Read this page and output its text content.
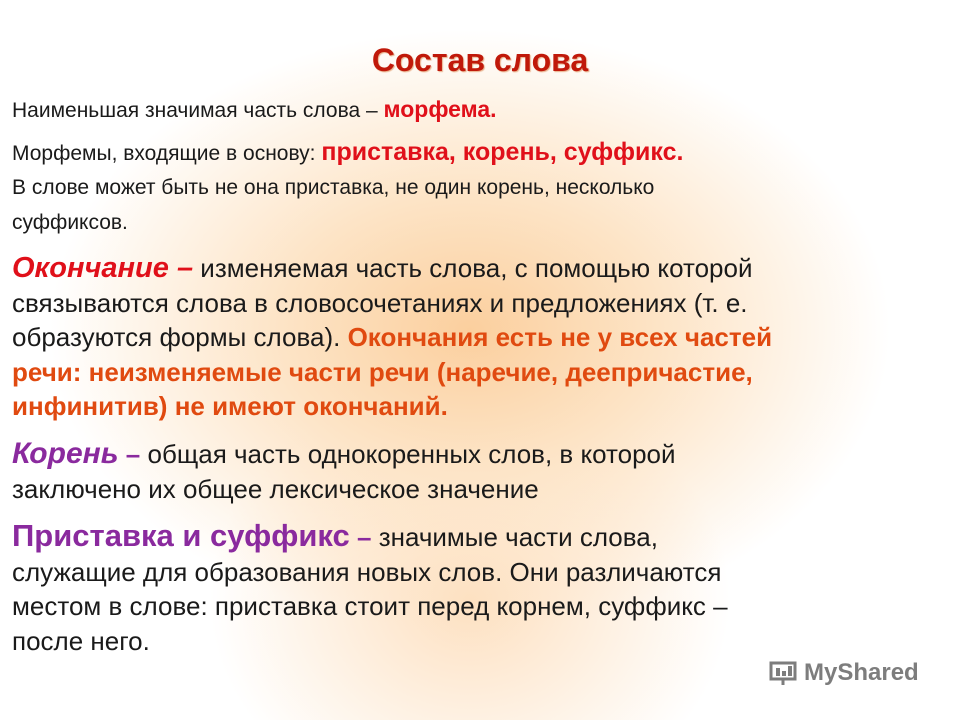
Состав слова
Наименьшая значимая часть слова – морфема.
Морфемы, входящие в основу: приставка, корень, суффикс.
В слове может быть не она приставка, не один корень, несколько
суффиксов.
Окончание – изменяемая часть слова, с помощью которой
связываются слова в словосочетаниях и предложениях (т. е.
образуются формы слова). Окончания есть не у всех частей
речи: неизменяемые части речи (наречие, деепричастие,
инфинитив) не имеют окончаний.
Корень – общая часть однокоренных слов, в которой
заключено их общее лексическое значение
Приставка и суффикс – значимые части слова,
служащие для образования новых слов. Они различаются
местом в слове: приставка стоит перед корнем, суффикс –
после него.
MyShared
